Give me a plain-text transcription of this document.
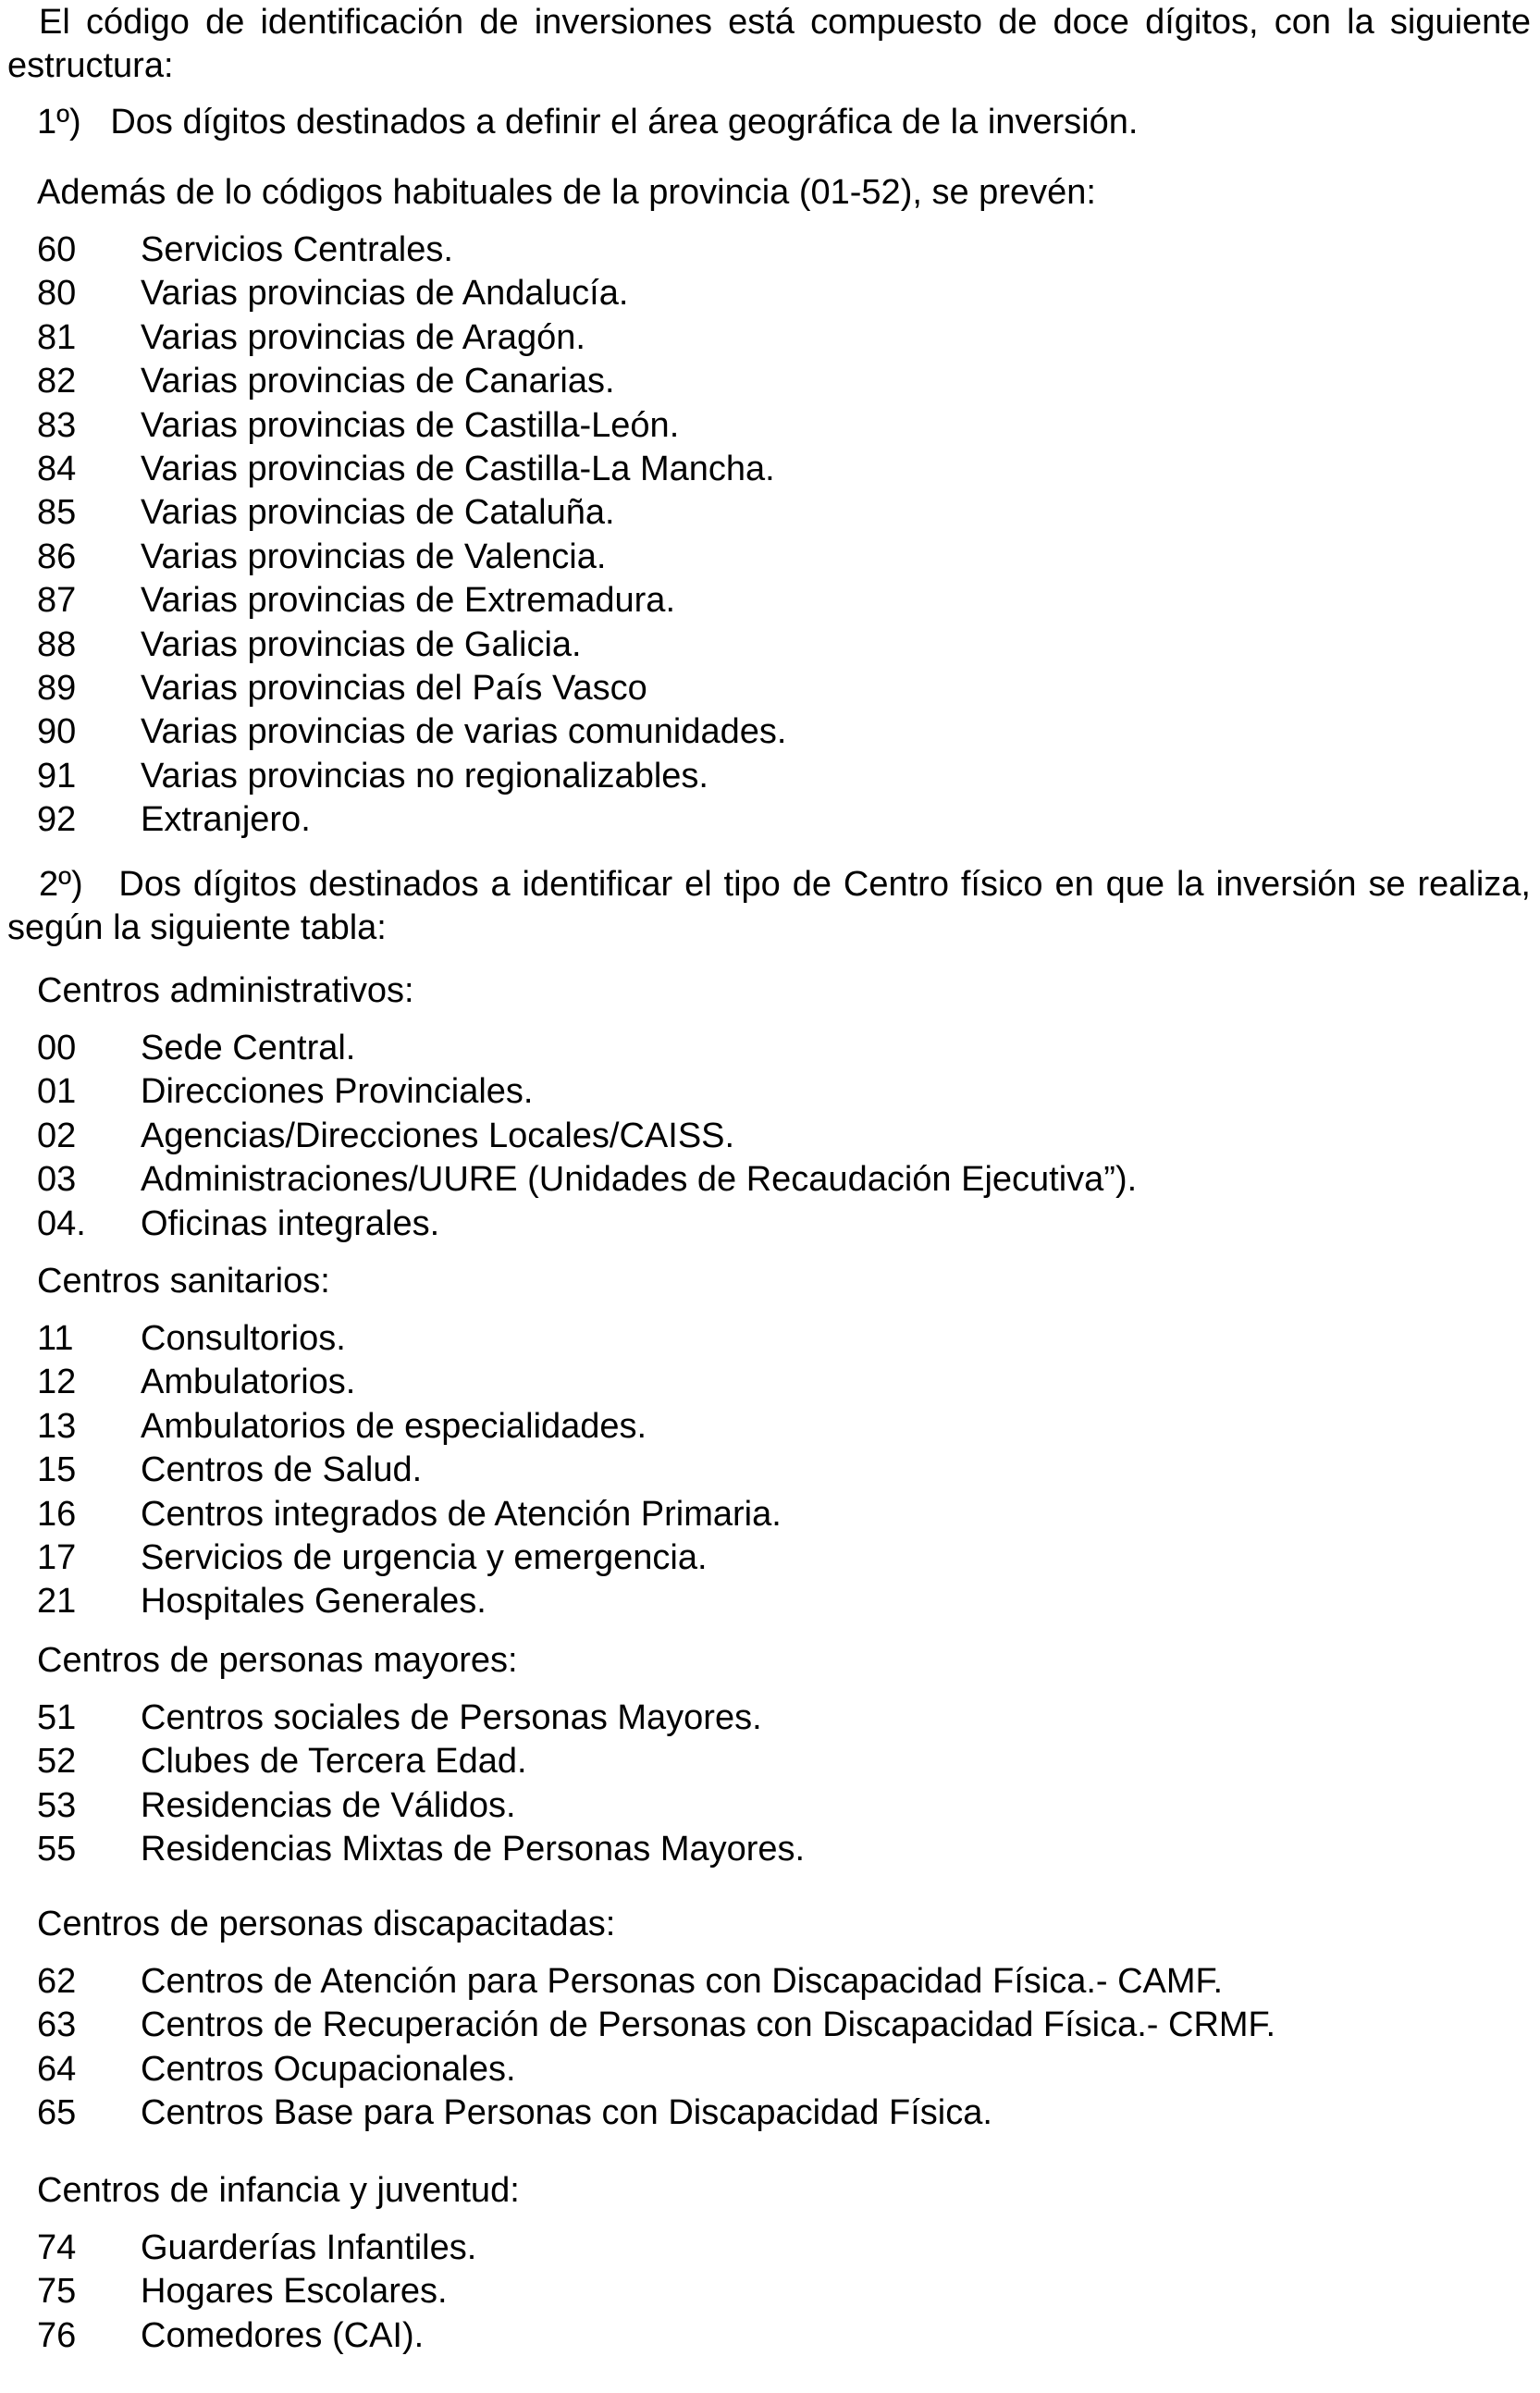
El código de identificación de inversiones está compuesto de doce dígitos, con la siguiente estructura:
1º)   Dos dígitos destinados a definir el área geográfica de la inversión.
Además de lo códigos habituales de la provincia (01-52), se prevén:
60 Servicios Centrales.
80 Varias provincias de Andalucía.
81 Varias provincias de Aragón.
82 Varias provincias de Canarias.
83 Varias provincias de Castilla-León.
84 Varias provincias de Castilla-La Mancha.
85 Varias provincias de Cataluña.
86 Varias provincias de Valencia.
87 Varias provincias de Extremadura.
88 Varias provincias de Galicia.
89 Varias provincias del País Vasco
90 Varias provincias de varias comunidades.
91 Varias provincias no regionalizables.
92 Extranjero.
2º)   Dos dígitos destinados a identificar el tipo de Centro físico en que la inversión se realiza, según la siguiente tabla:
Centros administrativos:
00 Sede Central.
01 Direcciones Provinciales.
02 Agencias/Direcciones Locales/CAISS.
03 Administraciones/UURE (Unidades de Recaudación Ejecutiva”).
04. Oficinas integrales.
Centros sanitarios:
11 Consultorios.
12 Ambulatorios.
13 Ambulatorios de especialidades.
15 Centros de Salud.
16 Centros integrados de Atención Primaria.
17 Servicios de urgencia y emergencia.
21 Hospitales Generales.
Centros de personas mayores:
51 Centros sociales de Personas Mayores.
52 Clubes de Tercera Edad.
53 Residencias de Válidos.
55 Residencias Mixtas de Personas Mayores.
Centros de personas discapacitadas:
62 Centros de Atención para Personas con Discapacidad Física.- CAMF.
63 Centros de Recuperación de Personas con Discapacidad Física.- CRMF.
64 Centros Ocupacionales.
65 Centros Base para Personas con Discapacidad Física.
Centros de infancia y juventud:
74 Guarderías Infantiles.
75 Hogares Escolares.
76 Comedores (CAI).
